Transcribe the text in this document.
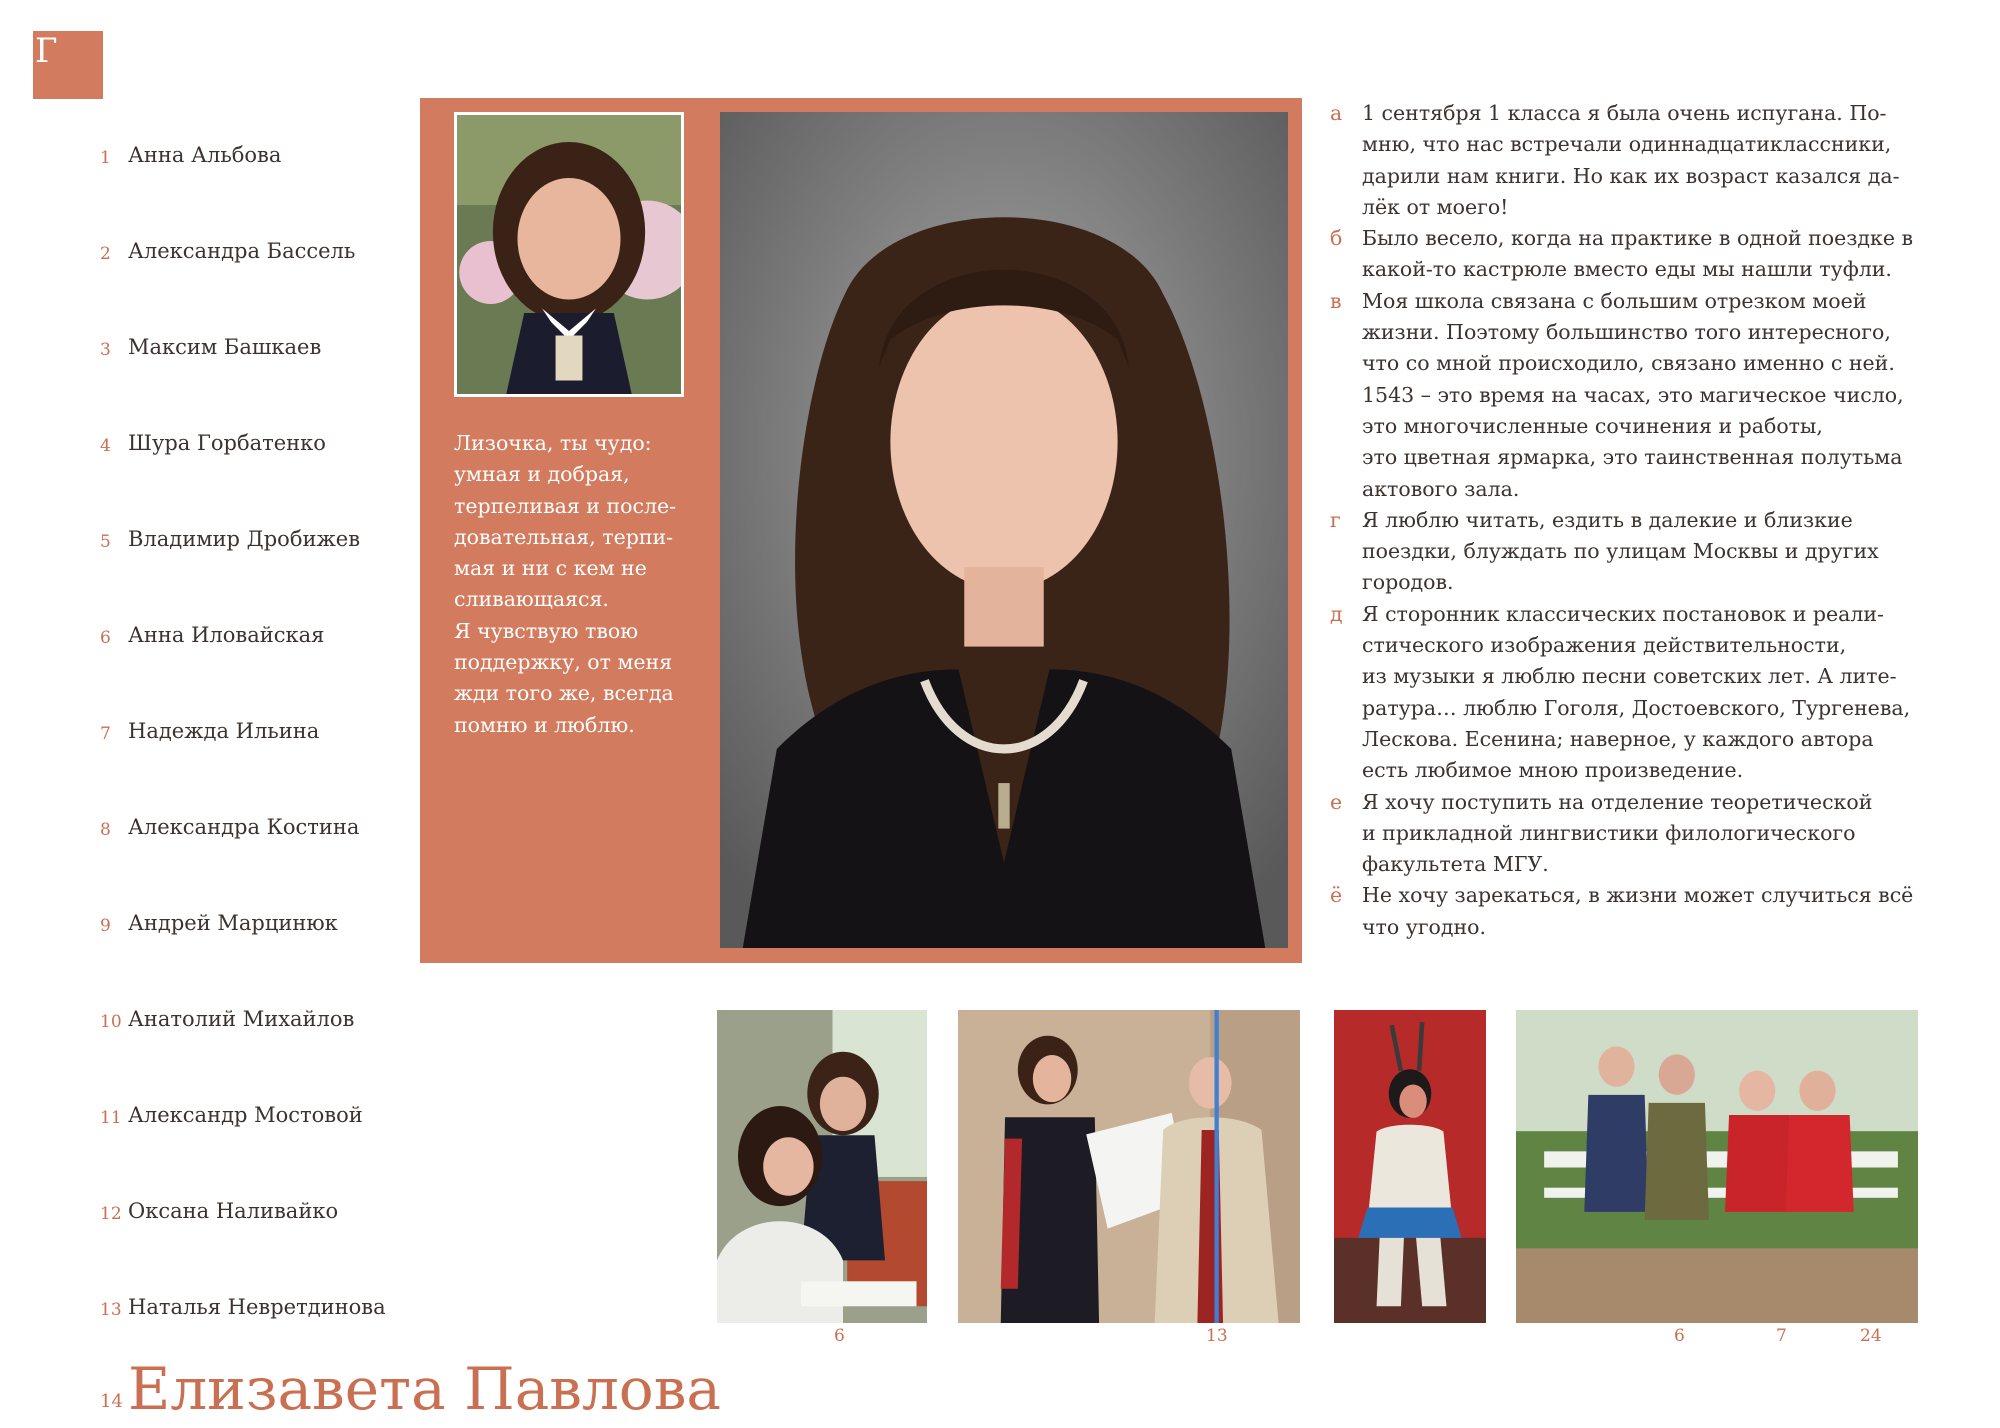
Г
1 Анна Альбова
2 Александра Бассель
3 Максим Башкаев
4 Шура Горбатенко
5 Владимир Дробижев
6 Анна Иловайская
7 Надежда Ильина
8 Александра Костина
9 Андрей Марцинюк
10 Анатолий Михайлов
11 Александр Мостовой
12 Оксана Наливайко
13 Наталья Невретдинова
14 Елизавета Павлова
Лизочка, ты чудо:
умная и добрая,
терпеливая и после-
довательная, терпи-
мая и ни с кем не
сливающаяся.
Я чувствую твою
поддержку, от меня
жди того же, всегда
помню и люблю.
а 1 сентября 1 класса я была очень испугана. По-
мню, что нас встречали одиннадцатиклассники,
дарили нам книги. Но как их возраст казался да-
лёк от моего!
б Было весело, когда на практике в одной поездке в
какой-то кастрюле вместо еды мы нашли туфли.
в Моя школа связана с большим отрезком моей
жизни. Поэтому большинство того интересного,
что со мной происходило, связано именно с ней.
1543 – это время на часах, это магическое число,
это многочисленные сочинения и работы,
это цветная ярмарка, это таинственная полутьма
актового зала.
г	Я люблю читать, ездить в далекие и близкие
поездки, блуждать по улицам Москвы и других
городов.
д Я сторонник классических постановок и реали-
стического изображения действительности,
из музыки я люблю песни советских лет. А лите-
ратура… люблю Гоголя, Достоевского, Тургенева,
Лескова. Есенина; наверное, у каждого автора
есть любимое мною произведение.
е Я хочу поступить на отделение теоретической
и прикладной лингвистики филологического
факультета МГУ.
ё Не хочу зарекаться, в жизни может случиться всё
что угодно.
6	13	6	7	24
